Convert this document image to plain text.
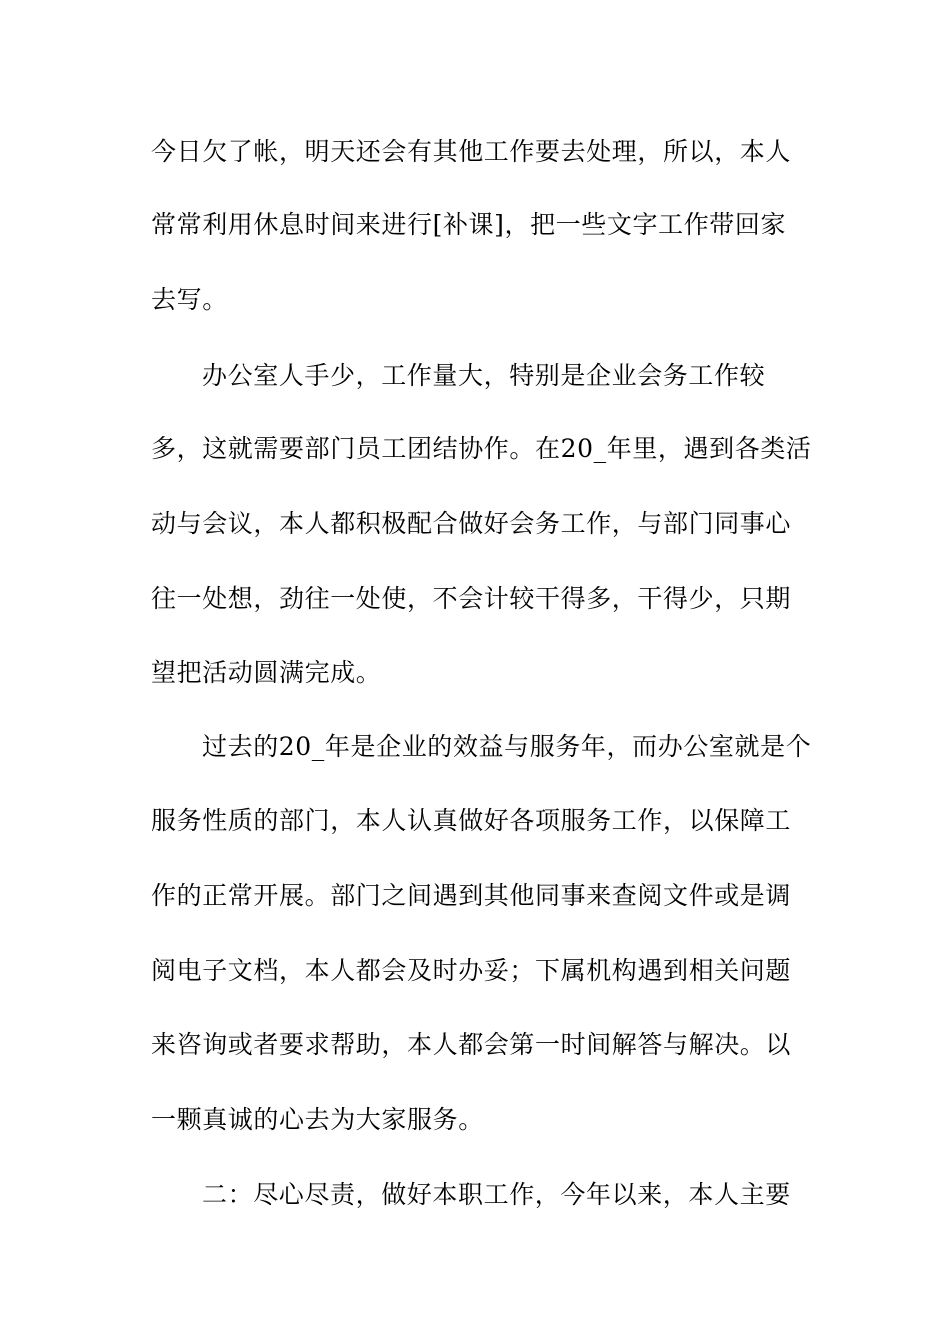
今日欠了帐，明天还会有其他工作要去处理，所以，本人
常常利用休息时间来进行[补课]，把一些文字工作带回家
去写。
办公室人手少，工作量大，特别是企业会务工作较
多，这就需要部门员工团结协作。在20_年里，遇到各类活
动与会议，本人都积极配合做好会务工作，与部门同事心
往一处想，劲往一处使，不会计较干得多，干得少，只期
望把活动圆满完成。
过去的20_年是企业的效益与服务年，而办公室就是个
服务性质的部门，本人认真做好各项服务工作，以保障工
作的正常开展。部门之间遇到其他同事来查阅文件或是调
阅电子文档，本人都会及时办妥；下属机构遇到相关问题
来咨询或者要求帮助，本人都会第一时间解答与解决。以
一颗真诚的心去为大家服务。
二：尽心尽责，做好本职工作，今年以来，本人主要
